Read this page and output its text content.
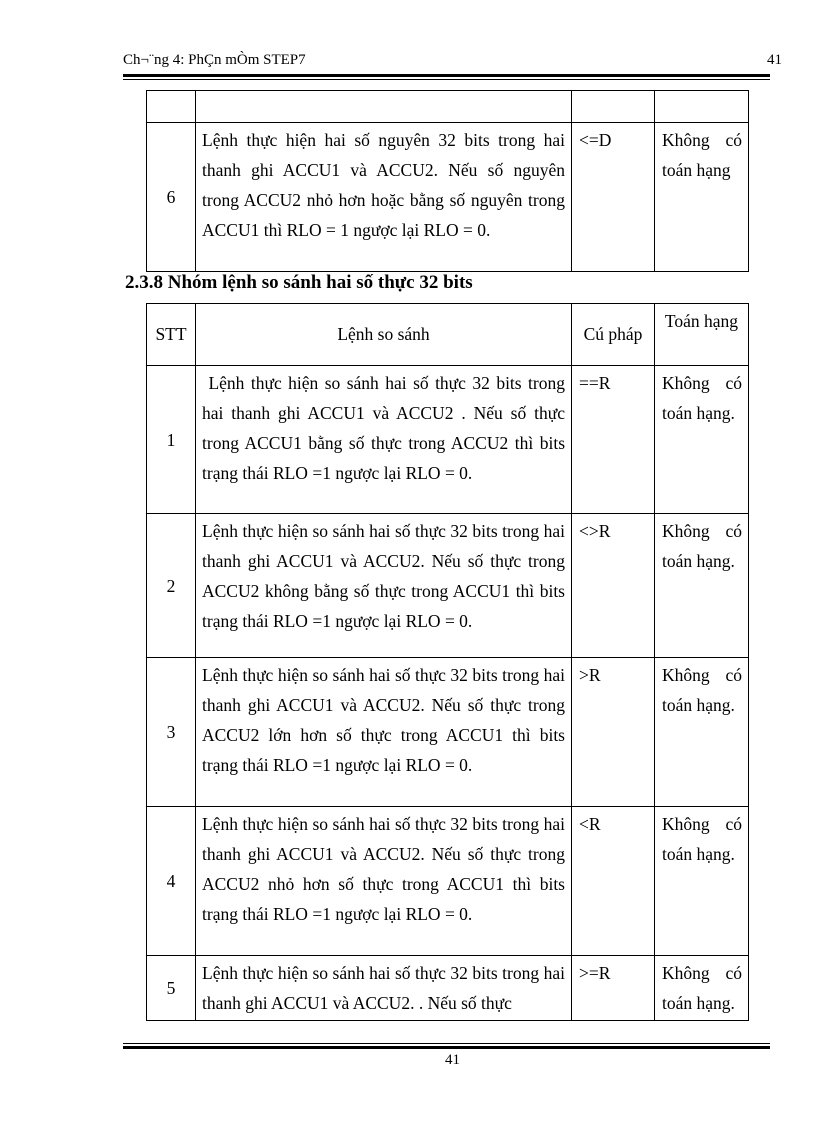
Ch¬¨ng 4: PhÇn mÒm STEP7	41

6	Lệnh thực hiện hai số nguyên 32 bits trong hai thanh ghi ACCU1 và ACCU2. Nếu số nguyên trong ACCU2 nhỏ hơn hoặc bằng số nguyên trong ACCU1 thì RLO = 1 ngược lại RLO = 0.	<=D	Không có toán hạng
2.3.8 Nhóm lệnh so sánh hai số thực 32 bits
STT	Lệnh so sánh	Cú pháp	Toán hạng
1	Lệnh thực hiện so sánh hai số thực 32 bits trong hai thanh ghi ACCU1 và ACCU2 . Nếu số thực trong ACCU1 bằng số thực trong ACCU2 thì bits trạng thái RLO =1 ngược lại RLO = 0.	==R	Không có toán hạng.
2	Lệnh thực hiện so sánh hai số thực 32 bits trong hai thanh ghi ACCU1 và ACCU2. Nếu số thực trong ACCU2 không bằng số thực trong ACCU1 thì bits trạng thái RLO =1 ngược lại RLO = 0.	<>R	Không có toán hạng.
3	Lệnh thực hiện so sánh hai số thực 32 bits trong hai thanh ghi ACCU1 và ACCU2. Nếu số thực trong ACCU2 lớn hơn số thực trong ACCU1 thì bits trạng thái RLO =1 ngược lại RLO = 0.	>R	Không có toán hạng.
4	Lệnh thực hiện so sánh hai số thực 32 bits trong hai thanh ghi ACCU1 và ACCU2. Nếu số thực trong ACCU2 nhỏ hơn số thực trong ACCU1 thì bits trạng thái RLO =1 ngược lại RLO = 0.	<R	Không có toán hạng.
5	Lệnh thực hiện so sánh hai số thực 32 bits trong hai thanh ghi ACCU1 và ACCU2. . Nếu số thực	>=R	Không có toán hạng.
41
